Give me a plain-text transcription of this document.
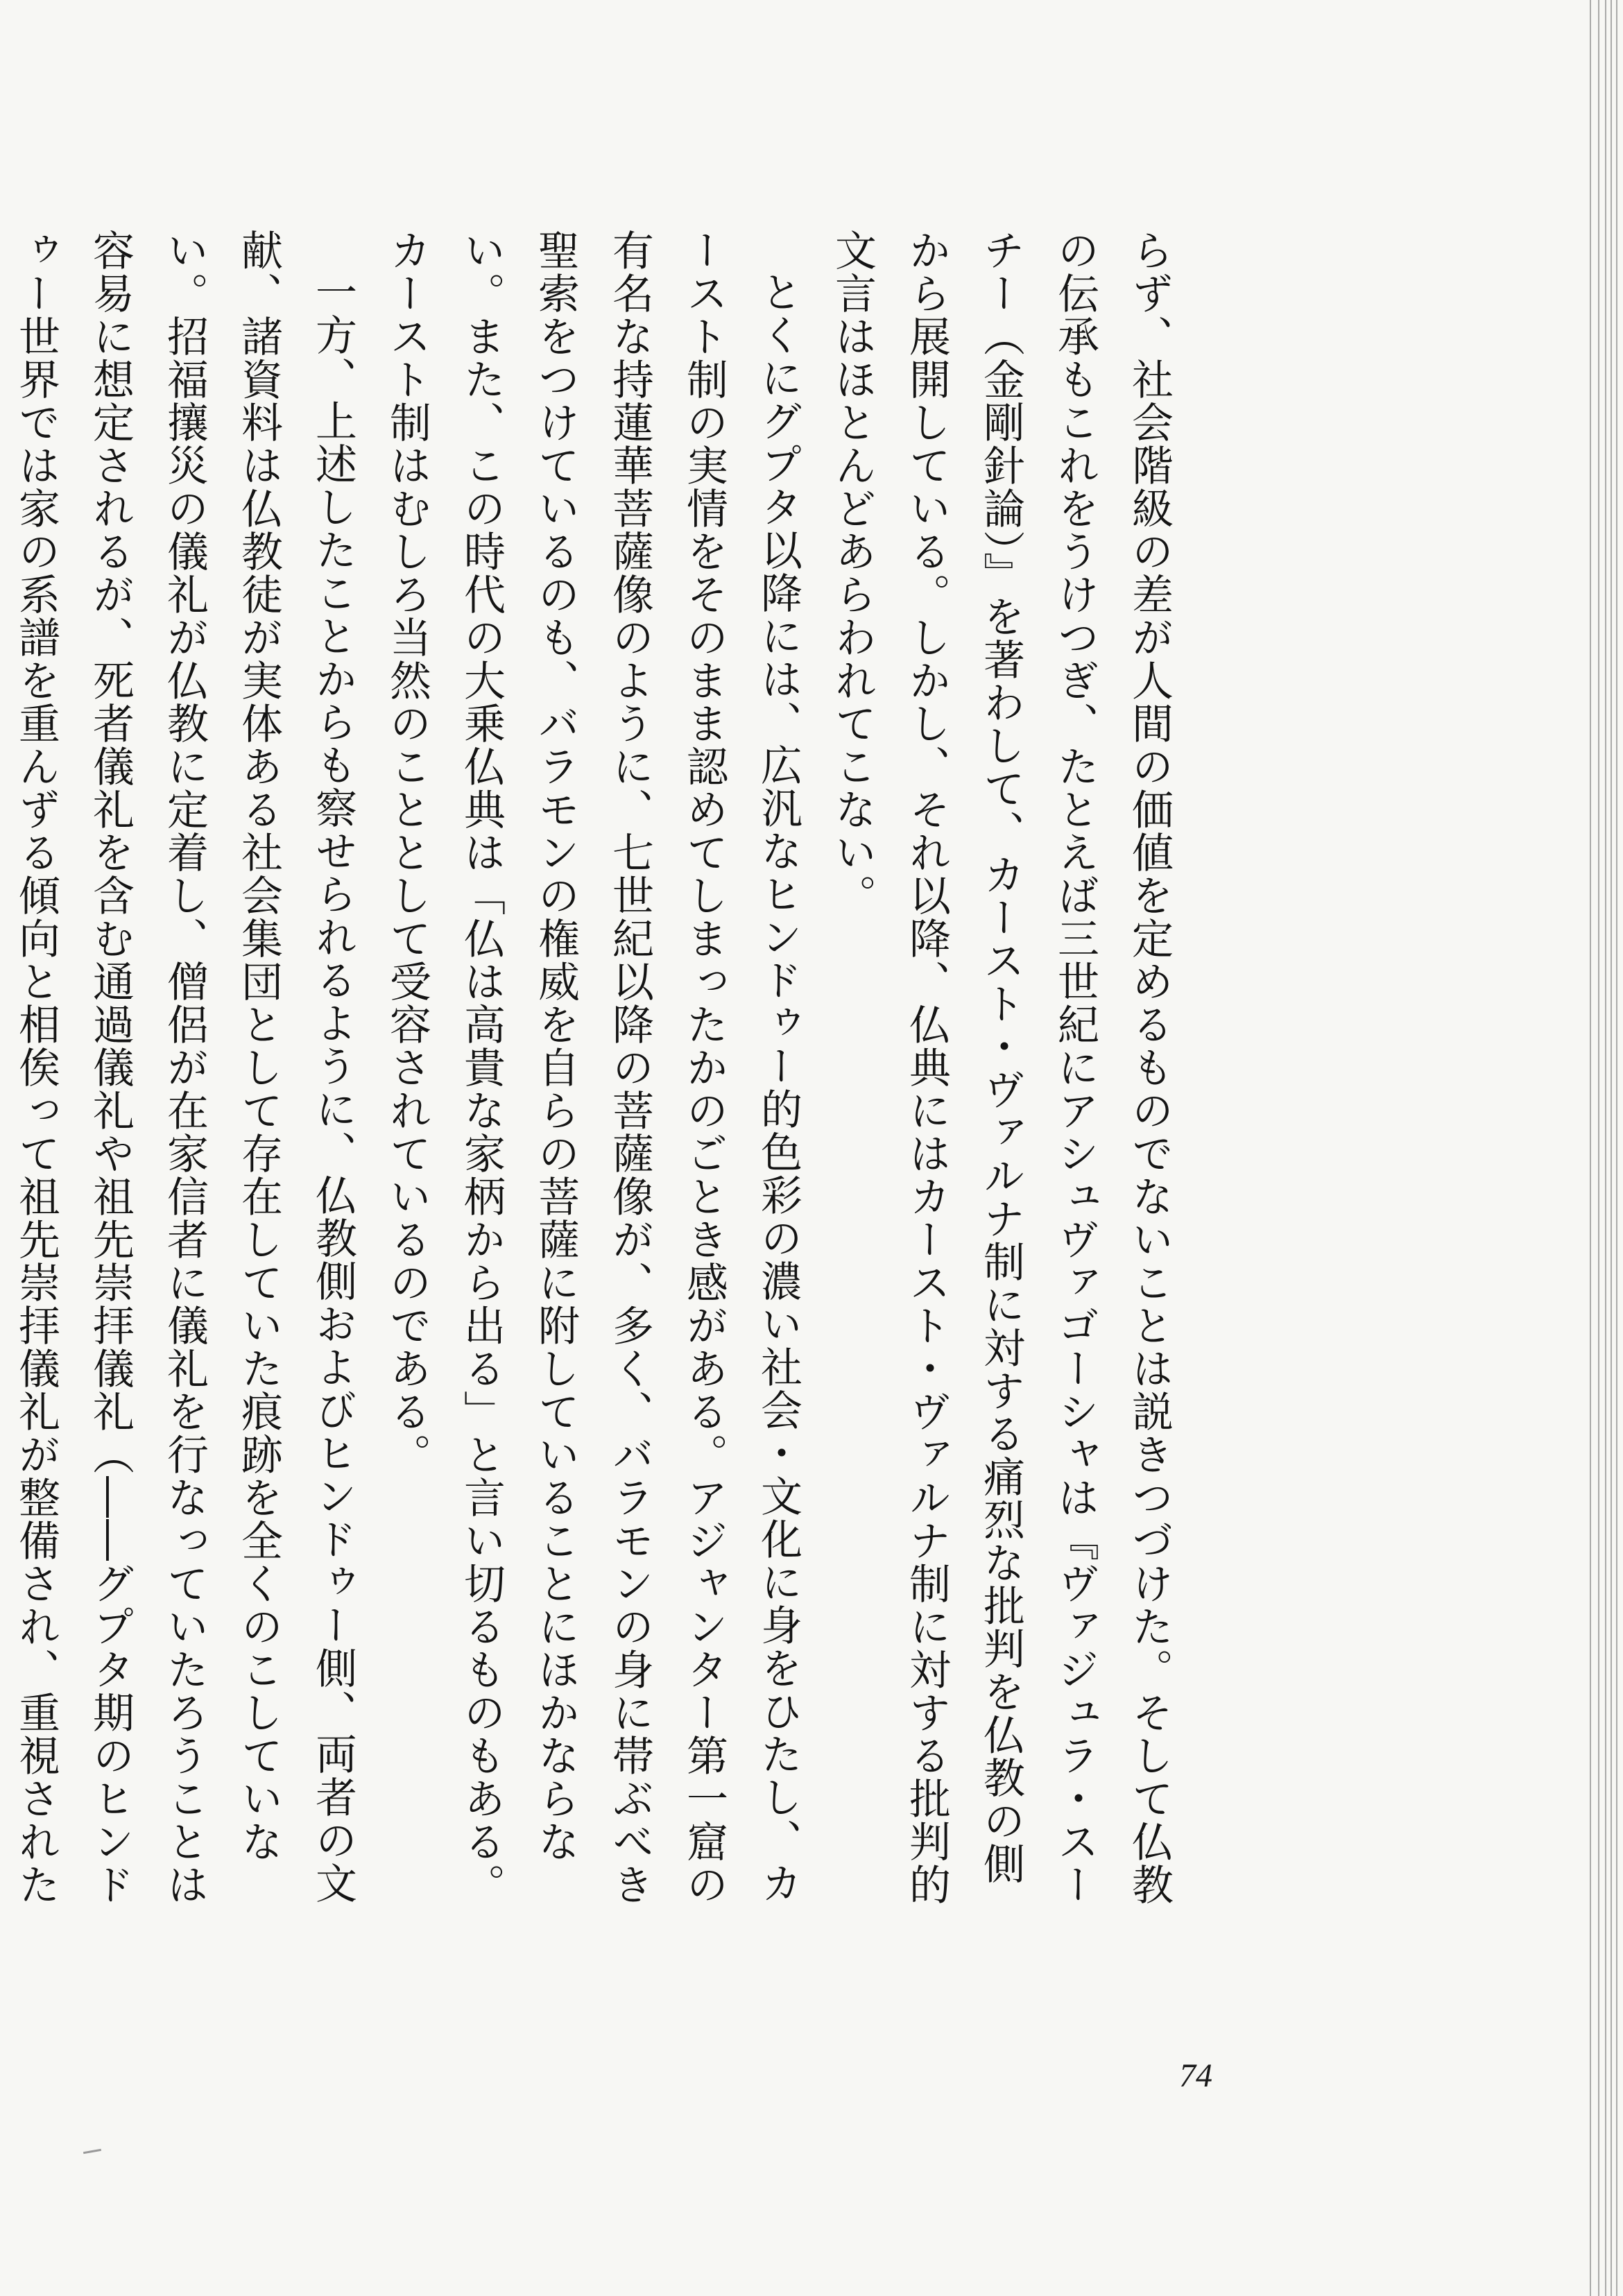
らず、社会階級の差が人間の価値を定めるものでないことは説きつづけた。そして仏教の伝承もこれをうけつぎ、たとえば三世紀にアシュヴァゴーシャは『ヴァジュラ・スーチー（金剛針論）』を著わして、カースト・ヴァルナ制に対する痛烈な批判を仏教の側から展開している。しかし、それ以降、仏典にはカースト・ヴァルナ制に対する批判的文言はほとんどあらわれてこない。

とくにグプタ以降には、広汎なヒンドゥー的色彩の濃い社会・文化に身をひたし、カースト制の実情をそのまま認めてしまったかのごとき感がある。アジャンター第一窟の有名な持蓮華菩薩像のように、七世紀以降の菩薩像が、多く、バラモンの身に帯ぶべき聖索をつけているのも、バラモンの権威を自らの菩薩に附していることにほかならない。また、この時代の大乗仏典は「仏は高貴な家柄から出る」と言い切るものもある。カースト制はむしろ当然のこととして受容されているのである。

一方、上述したことからも察せられるように、仏教側およびヒンドゥー側、両者の文献、諸資料は仏教徒が実体ある社会集団として存在していた痕跡を全くのこしていない。招福攘災の儀礼が仏教に定着し、僧侶が在家信者に儀礼を行なっていたろうことは容易に想定されるが、死者儀礼を含む通過儀礼や祖先崇拝儀礼（――グプタ期のヒンドゥー世界では家の系譜を重んずる傾向と相俟って祖先崇拝儀礼が整備され、重視された

74
